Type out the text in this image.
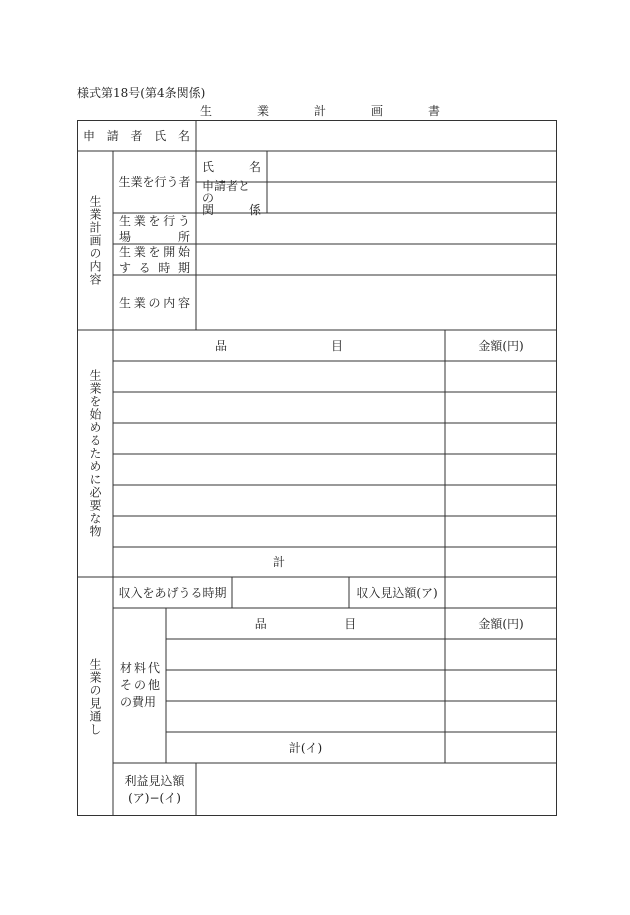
様式第18号(第4条関係)
生	業	計	画	書
申 請 者 氏 名
生業計画の内容
生業を行う者
氏	名
申請者との
関	係
生 業 を 行 う
場	所
生 業 を 開 始
す る 時 期
生 業 の 内 容
生業を始めるために必要な物
品	目	金額(円)
計
生業の見通し
収入をあげうる時期	収入見込額(ア)
材料代
その他
の費用
品	目	金額(円)
計(イ)
利益見込額
(ア)−(イ)
